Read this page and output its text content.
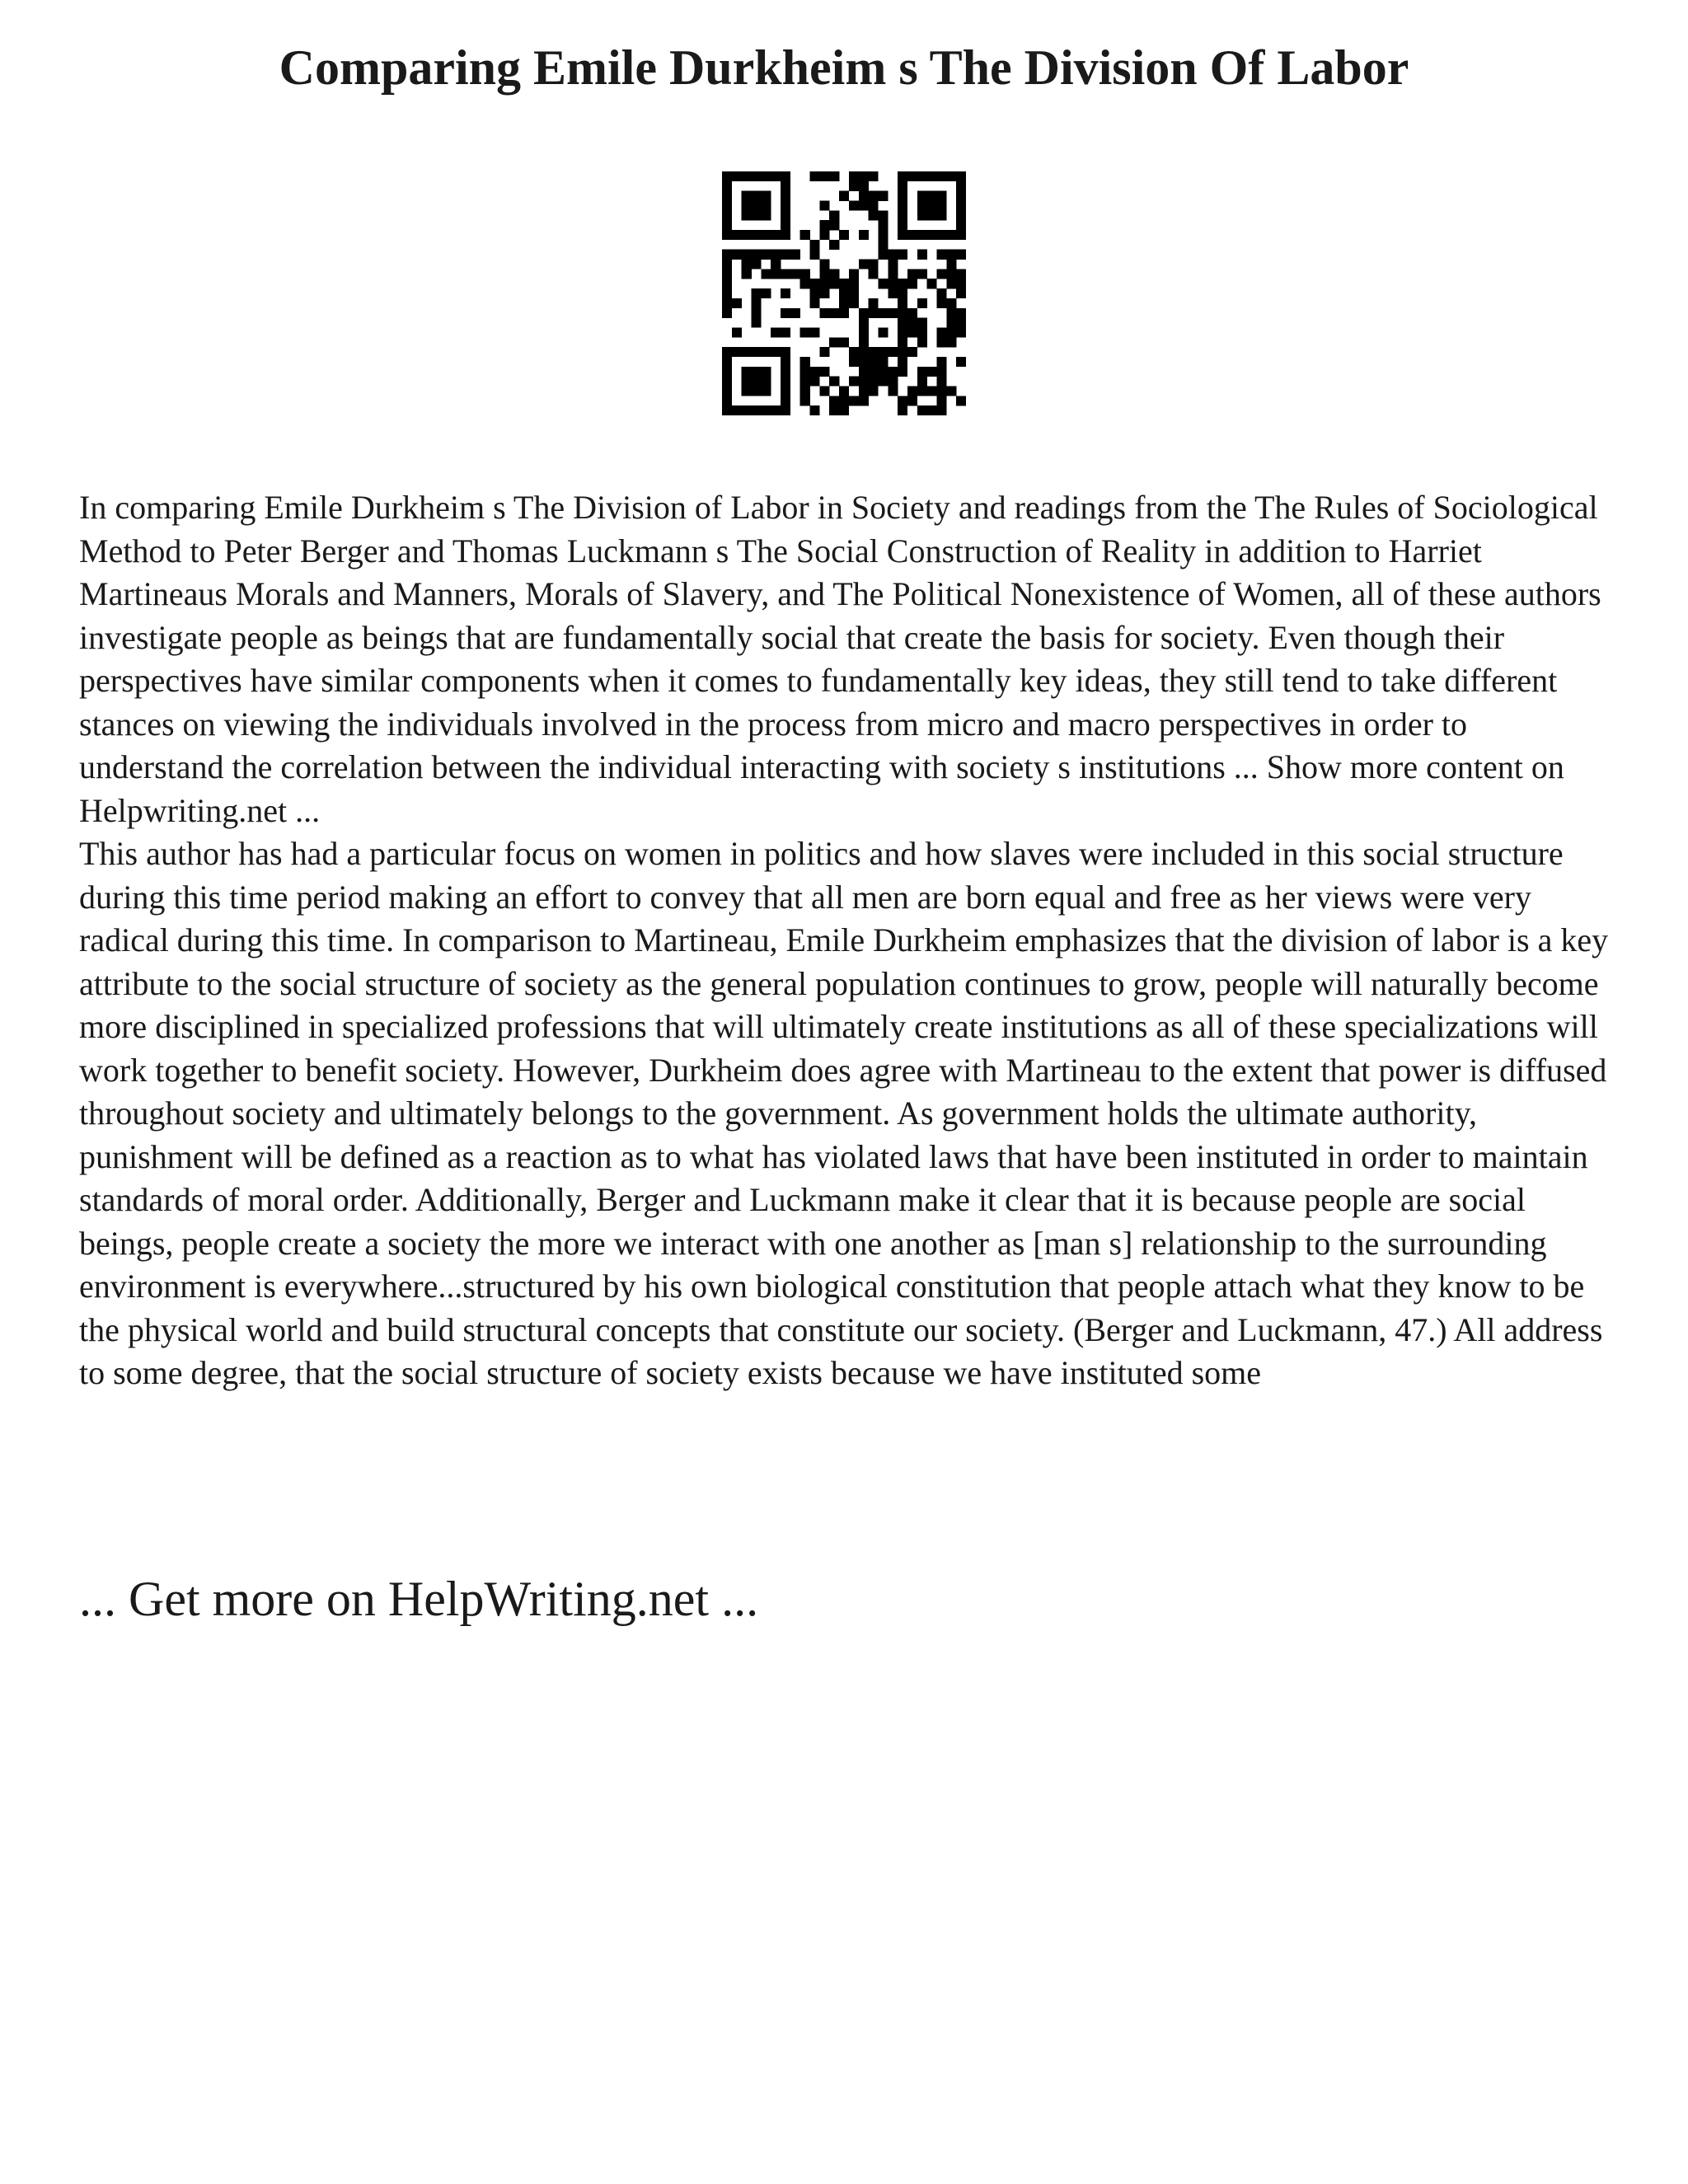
Comparing Emile Durkheim s The Division Of Labor

In comparing Emile Durkheim s The Division of Labor in Society and readings from the The Rules of Sociological Method to Peter Berger and Thomas Luckmann s The Social Construction of Reality in addition to Harriet Martineaus Morals and Manners, Morals of Slavery, and The Political Nonexistence of Women, all of these authors investigate people as beings that are fundamentally social that create the basis for society. Even though their perspectives have similar components when it comes to fundamentally key ideas, they still tend to take different stances on viewing the individuals involved in the process from micro and macro perspectives in order to understand the correlation between the individual interacting with society s institutions ... Show more content on Helpwriting.net ...

This author has had a particular focus on women in politics and how slaves were included in this social structure during this time period making an effort to convey that all men are born equal and free as her views were very radical during this time. In comparison to Martineau, Emile Durkheim emphasizes that the division of labor is a key attribute to the social structure of society as the general population continues to grow, people will naturally become more disciplined in specialized professions that will ultimately create institutions as all of these specializations will work together to benefit society. However, Durkheim does agree with Martineau to the extent that power is diffused throughout society and ultimately belongs to the government. As government holds the ultimate authority, punishment will be defined as a reaction as to what has violated laws that have been instituted in order to maintain standards of moral order. Additionally, Berger and Luckmann make it clear that it is because people are social beings, people create a society the more we interact with one another as [man s] relationship to the surrounding environment is everywhere...structured by his own biological constitution that people attach what they know to be the physical world and build structural concepts that constitute our society. (Berger and Luckmann, 47.) All address to some degree, that the social structure of society exists because we have instituted some

... Get more on HelpWriting.net ...
